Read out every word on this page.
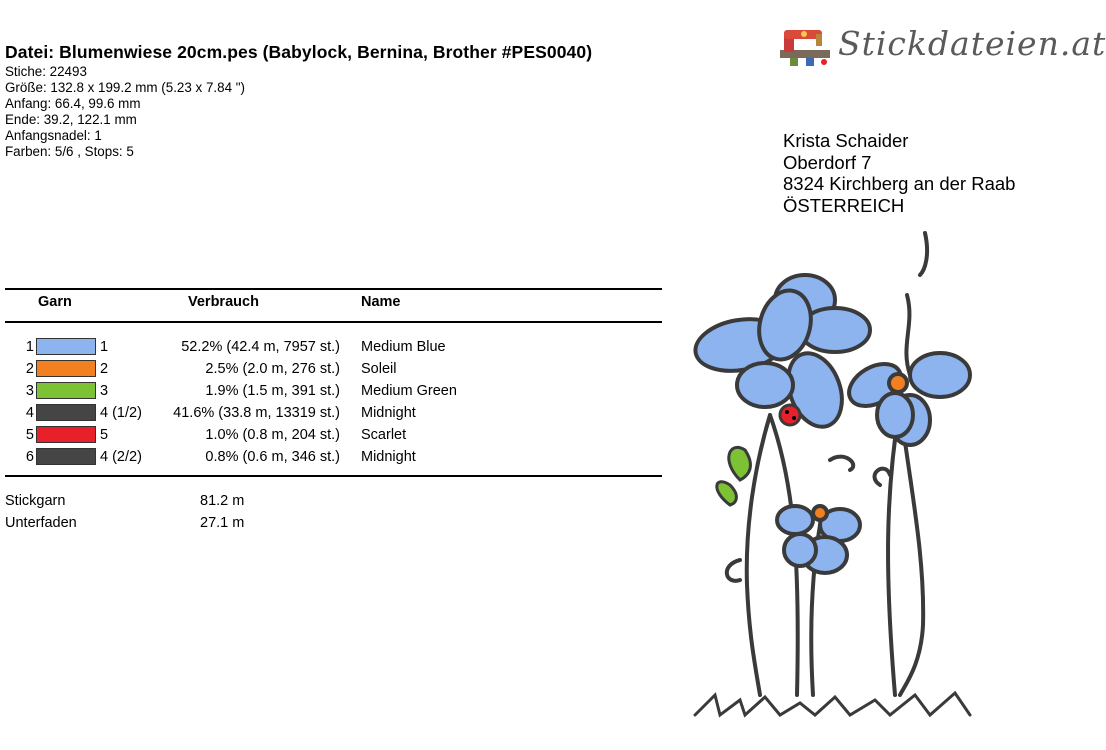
Datei: Blumenwiese 20cm.pes (Babylock, Bernina, Brother #PES0040)
Stiche: 22493
Größe: 132.8 x 199.2 mm (5.23 x 7.84 ")
Anfang: 66.4, 99.6 mm
Ende: 39.2, 122.1 mm
Anfangsnadel: 1
Farben: 5/6 , Stops: 5
Stickdateien.at
Krista Schaider
Oberdorf 7
8324 Kirchberg an der Raab
ÖSTERREICH
Garn	Verbrauch	Name
1	1	52.2% (42.4 m, 7957 st.) Medium Blue
2	2	2.5% (2.0 m, 276 st.) Soleil
3	3	1.9% (1.5 m, 391 st.) Medium Green
4	4 (1/2)	41.6% (33.8 m, 13319 st.) Midnight
5	5	1.0% (0.8 m, 204 st.) Scarlet
6	4 (2/2)	0.8% (0.6 m, 346 st.) Midnight
Stickgarn	81.2 m
Unterfaden	27.1 m
